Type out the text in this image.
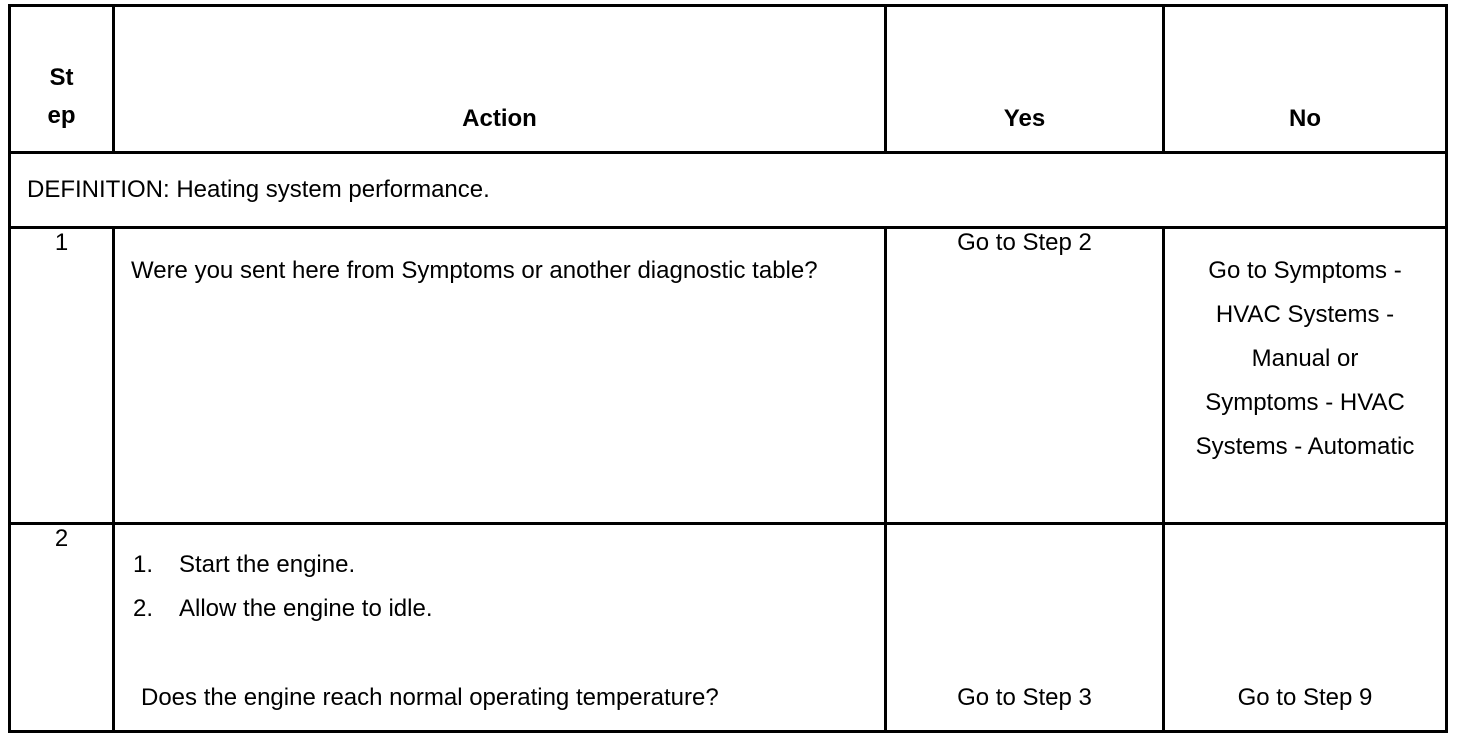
St
ep	Action	Yes	No
DEFINITION: Heating system performance.			
1	Were you sent here from Symptoms or another diagnostic table?	Go to Step 2	Go to Symptoms - HVAC Systems - Manual or Symptoms - HVAC Systems - Automatic

2	1. Start the engine.
2. Allow the engine to idle.
Does the engine reach normal operating temperature?	Go to Step 3	Go to Step 9
